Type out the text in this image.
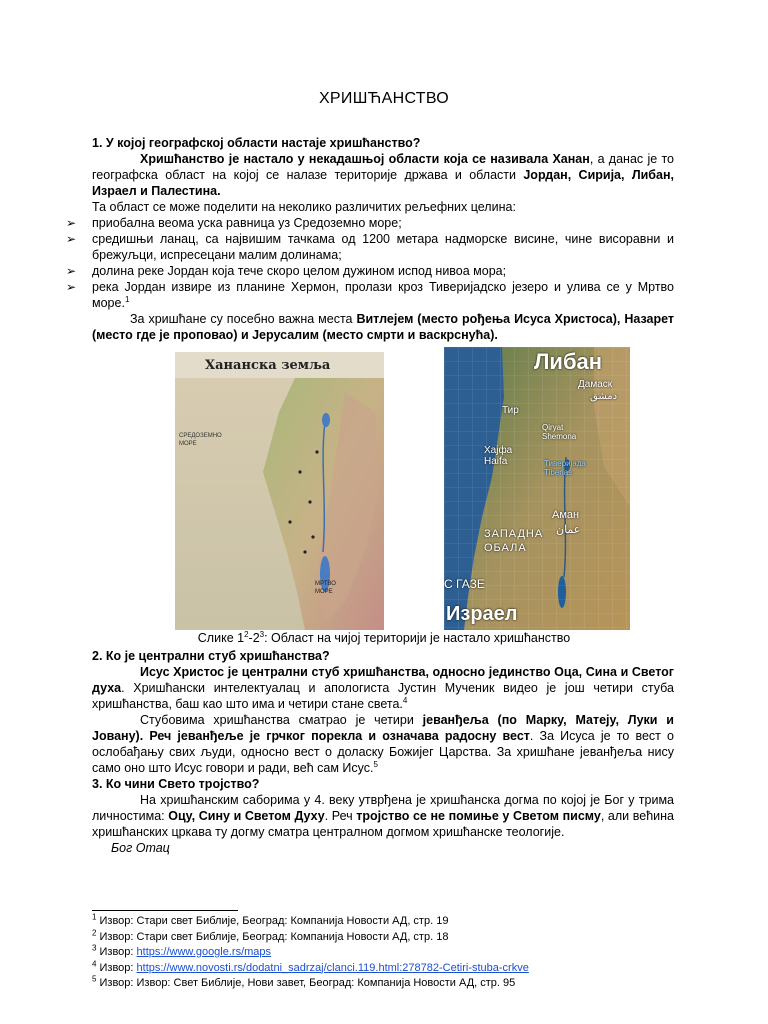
ХРИШЋАНСТВО

1. У којој географској области настаје хришћанство?

Хришћанство је настало у некадашњој области која се називала Ханан, а данас је то географска област на којој се налазе територије држава и области Јордан, Сирија, Либан, Израел и Палестина.

Та област се може поделити на неколико различитих рељефних целина:

➢ приобална веома уска равница уз Средоземно море;
➢ средишњи ланац, са највишим тачкама од 1200 метара надморске висине, чине висоравни и брежуљци, испресецани малим долинама;
➢ долина реке Јордан која тече скоро целом дужином испод нивоа мора;
➢ река Јордан извире из планине Хермон, пролази кроз Тиверијадско језеро и улива се у Мртво море.$^1$

За хришћане су посебно важна места Витлејем (место рођења Исуса Христоса), Назарет (место где је проповао) и Јерусалим (место смрти и васкрснућа).

Хананска земља
СРЕДОЗЕМНО МОРЕ
МРТВО МОРЕ
Либан
Дамаск
دمشق
Тир
Qiryat Shemona
Хајфа Haifa	Тиверијада Tiberias
Аман
عمان
ЗАПАДНА ОБАЛА
С ГАЗЕ
Израел
Слике $1^2-2^3$: Област на чијој територији је настало хришћанство

2. Ко је централни стуб хришћанства?

Исус Христос је централни стуб хришћанства, односно јединство Оца, Сина и Светог духа. Хришћански интелектуалац и апологиста Јустин Мученик видео је још четири стуба хришћанства, баш као што има и четири стане света.$^4$

Стубовима хришћанства сматрао је четири јеванђеља (по Марку, Матеју, Луки и Јовану). Реч јеванђеље је грчког порекла и означава радосну вест. За Исуса је то вест о ослобађању свих људи, односно вест о доласку Божијег Царства. За хришћане јеванђеља нису само оно што Исус говори и ради, већ сам Исус.$^5$

3. Ко чини Свето тројство?

На хришћанским саборима у 4. веку утврђена је хришћанска догма по којој је Бог у трима личностима: Оцу, Сину и Светом Духу. Реч тројство се не помиње у Светом писму, али већина хришћанских цркава ту догму сматра централном догмом хришћанске теологије.

Бог Отац

$^1$ Извор: Стари свет Библије, Београд: Компанија Новости АД, стр. 19
$^2$ Извор: Стари свет Библије, Београд: Компанија Новости АД, стр. 18
$^3$ Извор: https://www.google.rs/maps
$^4$ Извор: https://www.novosti.rs/dodatni_sadrzaj/clanci.119.html:278782-Cetiri-stuba-crkve
$^5$ Извор: Извор: Свет Библије, Нови завет, Београд: Компанија Новости АД, стр. 95
